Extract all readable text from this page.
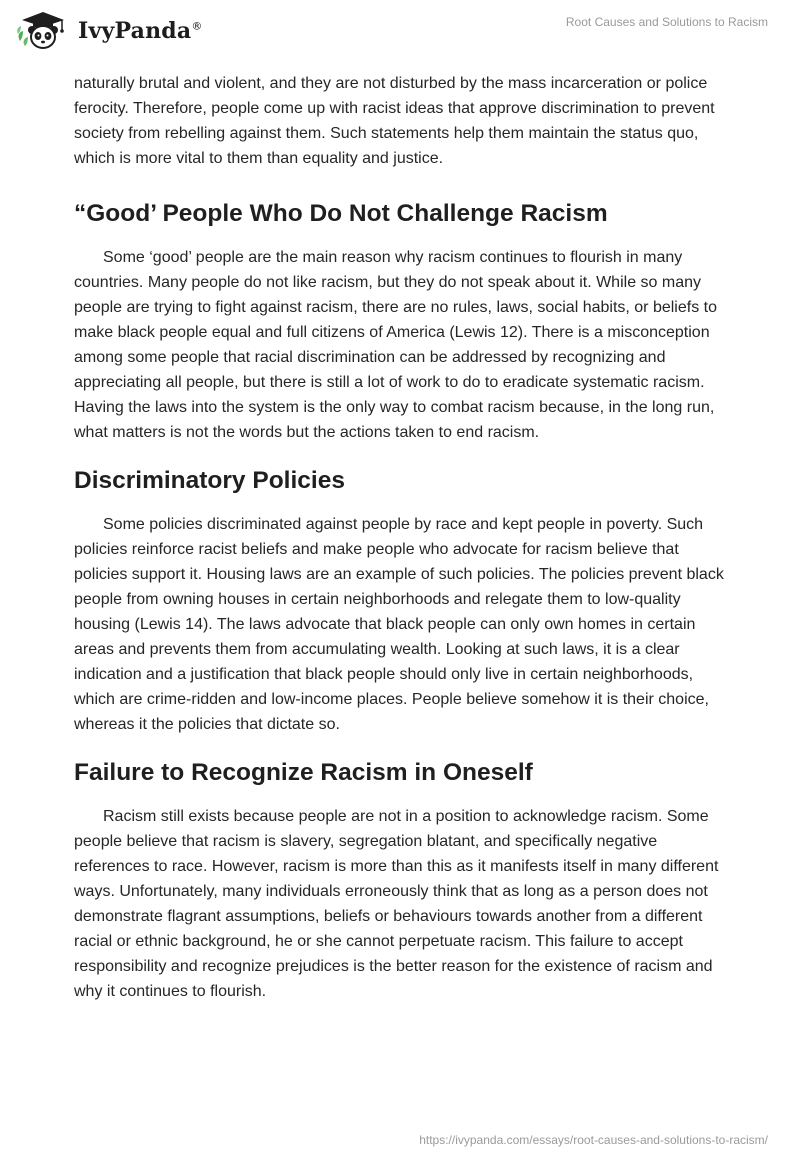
IvyPanda®	Root Causes and Solutions to Racism

naturally brutal and violent, and they are not disturbed by the mass incarceration or police ferocity. Therefore, people come up with racist ideas that approve discrimination to prevent society from rebelling against them. Such statements help them maintain the status quo, which is more vital to them than equality and justice.

“Good’ People Who Do Not Challenge Racism

Some ‘good’ people are the main reason why racism continues to flourish in many countries. Many people do not like racism, but they do not speak about it. While so many people are trying to fight against racism, there are no rules, laws, social habits, or beliefs to make black people equal and full citizens of America (Lewis 12). There is a misconception among some people that racial discrimination can be addressed by recognizing and appreciating all people, but there is still a lot of work to do to eradicate systematic racism. Having the laws into the system is the only way to combat racism because, in the long run, what matters is not the words but the actions taken to end racism.

Discriminatory Policies

Some policies discriminated against people by race and kept people in poverty. Such policies reinforce racist beliefs and make people who advocate for racism believe that policies support it. Housing laws are an example of such policies. The policies prevent black people from owning houses in certain neighborhoods and relegate them to low-quality housing (Lewis 14). The laws advocate that black people can only own homes in certain areas and prevents them from accumulating wealth. Looking at such laws, it is a clear indication and a justification that black people should only live in certain neighborhoods, which are crime-ridden and low-income places. People believe somehow it is their choice, whereas it the policies that dictate so.

Failure to Recognize Racism in Oneself

Racism still exists because people are not in a position to acknowledge racism. Some people believe that racism is slavery, segregation blatant, and specifically negative references to race. However, racism is more than this as it manifests itself in many different ways. Unfortunately, many individuals erroneously think that as long as a person does not demonstrate flagrant assumptions, beliefs or behaviours towards another from a different racial or ethnic background, he or she cannot perpetuate racism. This failure to accept responsibility and recognize prejudices is the better reason for the existence of racism and why it continues to flourish.

https://ivypanda.com/essays/root-causes-and-solutions-to-racism/
